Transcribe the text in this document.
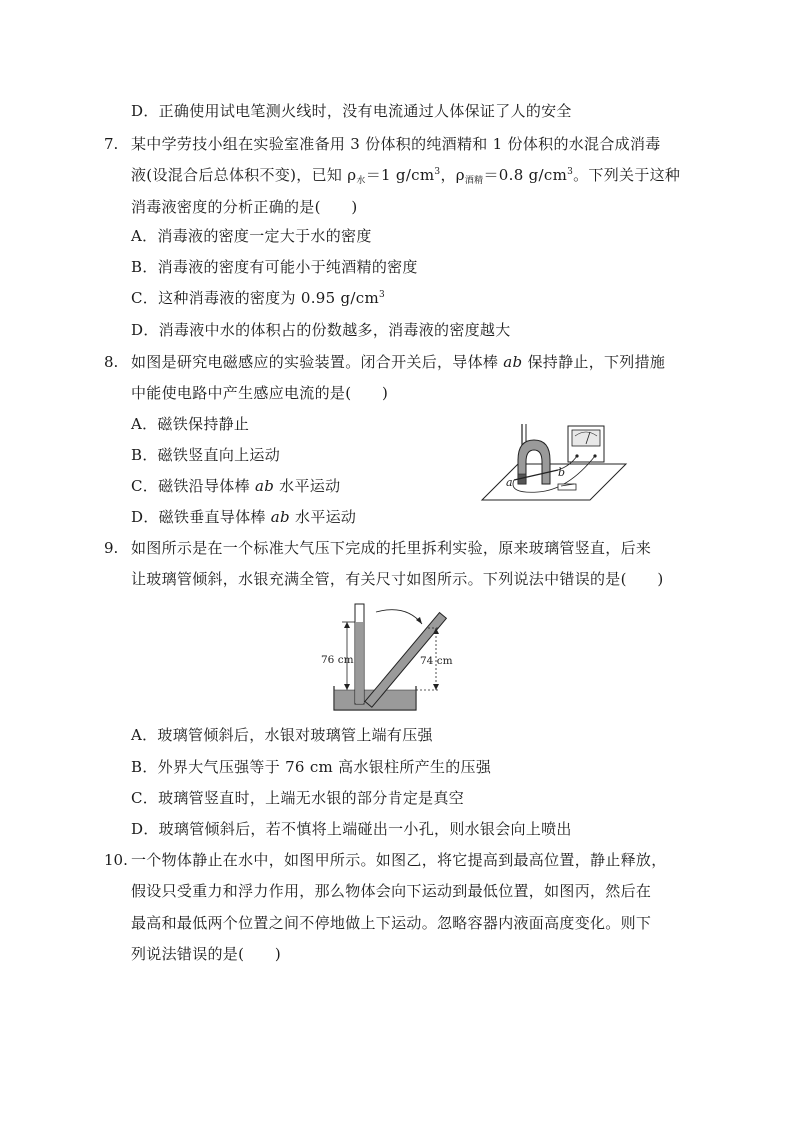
D．正确使用试电笔测火线时，没有电流通过人体保证了人的安全
7. 某中学劳技小组在实验室准备用 3 份体积的纯酒精和 1 份体积的水混合成消毒
液(设混合后总体积不变)，已知 $\rho_水=1$ $g/cm^3$，$\rho_{酒精}=0.8$ $g/cm^3$。下列关于这种
消毒液密度的分析正确的是(　　)
A．消毒液的密度一定大于水的密度
B．消毒液的密度有可能小于纯酒精的密度
C．这种消毒液的密度为 0.95 $g/cm^3$
D．消毒液中水的体积占的份数越多，消毒液的密度越大
8. 如图是研究电磁感应的实验装置。闭合开关后，导体棒 ab 保持静止，下列措施
中能使电路中产生感应电流的是(　　)
A．磁铁保持静止
B．磁铁竖直向上运动
C．磁铁沿导体棒 ab 水平运动
D．磁铁垂直导体棒 ab 水平运动
a
b
9. 如图所示是在一个标准大气压下完成的托里拆利实验，原来玻璃管竖直，后来
让玻璃管倾斜，水银充满全管，有关尺寸如图所示。下列说法中错误的是(　　)
76 cm	74 cm
A．玻璃管倾斜后，水银对玻璃管上端有压强
B．外界大气压强等于 76 cm 高水银柱所产生的压强
C．玻璃管竖直时，上端无水银的部分肯定是真空
D．玻璃管倾斜后，若不慎将上端碰出一小孔，则水银会向上喷出
10. 一个物体静止在水中，如图甲所示。如图乙，将它提高到最高位置，静止释放，
假设只受重力和浮力作用，那么物体会向下运动到最低位置，如图丙，然后在
最高和最低两个位置之间不停地做上下运动。忽略容器内液面高度变化。则下
列说法错误的是(　　)
